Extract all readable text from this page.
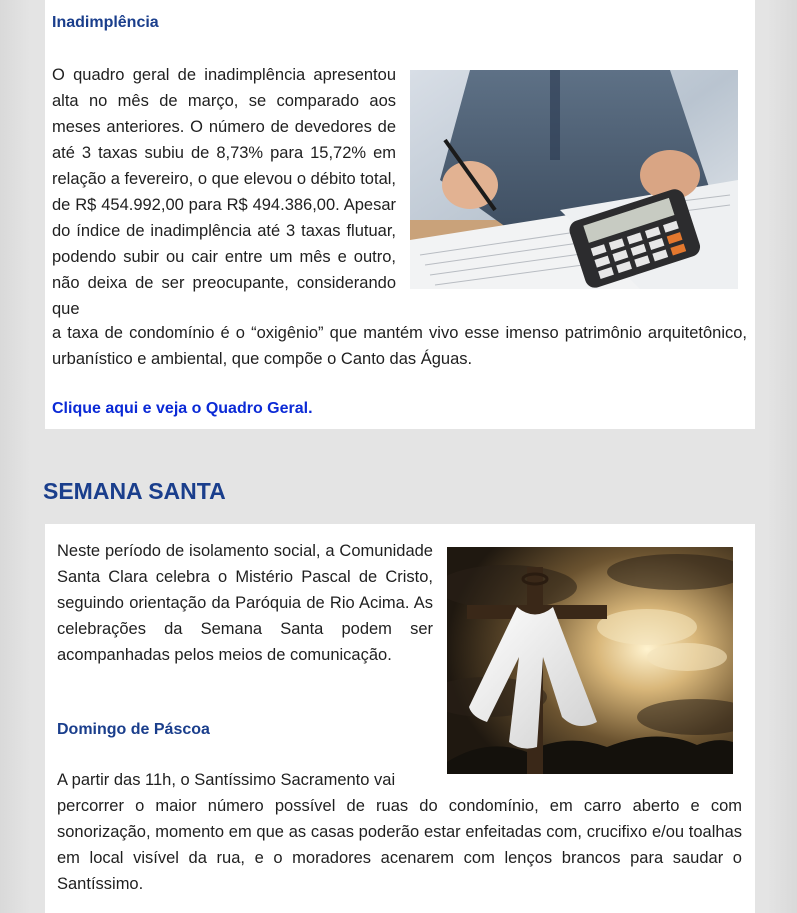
Inadimplência

O quadro geral de inadimplência apresentou alta no mês de março, se comparado aos meses anteriores. O número de devedores de até 3 taxas subiu de 8,73% para 15,72% em relação a fevereiro, o que elevou o débito total, de R$ 454.992,00 para R$ 494.386,00. Apesar do índice de inadimplência até 3 taxas flutuar, podendo subir ou cair entre um mês e outro, não deixa de ser preocupante, considerando que

a taxa de condomínio é o “oxigênio” que mantém vivo esse imenso patrimônio arquitetônico, urbanístico e ambiental, que compõe o Canto das Águas.

Clique aqui e veja o Quadro Geral.
SEMANA SANTA

Neste período de isolamento social, a Comunidade Santa Clara celebra o Mistério Pascal de Cristo, seguindo orientação da Paróquia de Rio Acima. As celebrações da Semana Santa podem ser acompanhadas pelos meios de comunicação.

Domingo de Páscoa

A partir das 11h, o Santíssimo Sacramento vai

percorrer o maior número possível de ruas do condomínio, em carro aberto e com sonorização, momento em que as casas poderão estar enfeitadas com, crucifixo e/ou toalhas em local visível da rua, e o moradores acenarem com lenços brancos para saudar o Santíssimo.
